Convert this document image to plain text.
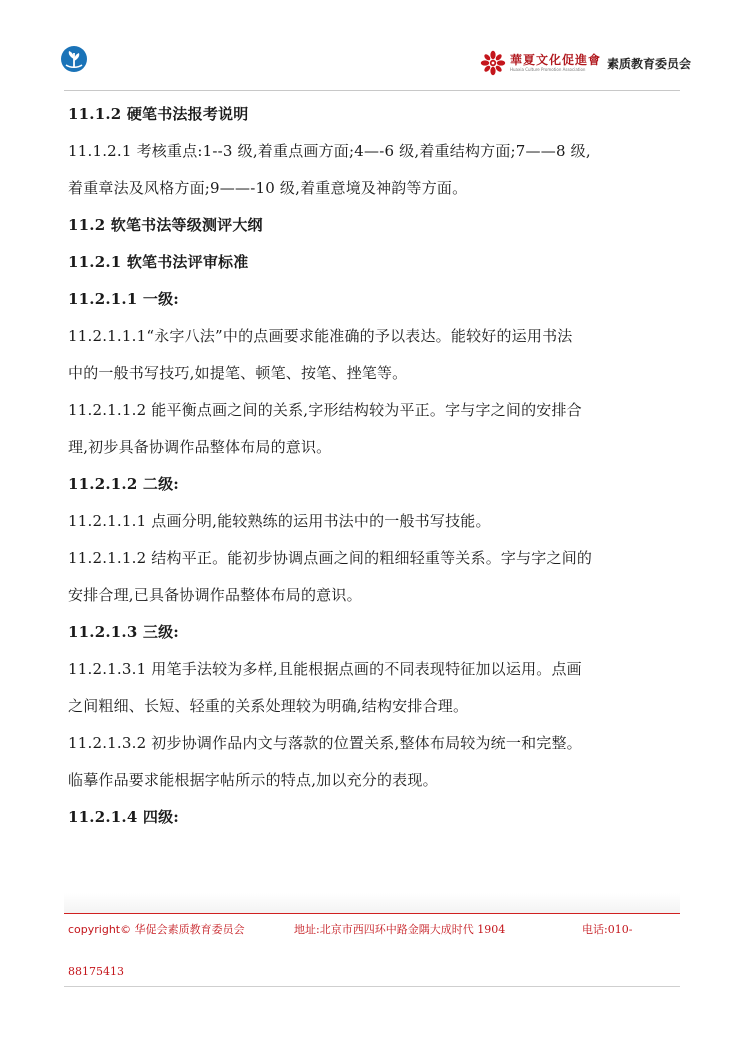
華夏文化促進會
Huaxia Culture Promotion Association	素质教育委员会

11.1.2 硬笔书法报考说明

11.1.2.1 考核重点:1--3 级,着重点画方面;4—-6 级,着重结构方面;7——8 级,

着重章法及风格方面;9——-10 级,着重意境及神韵等方面。

11.2 软笔书法等级测评大纲

11.2.1 软笔书法评审标准

11.2.1.1 一级:

11.2.1.1.1“永字八法”中的点画要求能准确的予以表达。能较好的运用书法

中的一般书写技巧,如提笔、顿笔、按笔、挫笔等。

11.2.1.1.2 能平衡点画之间的关系,字形结构较为平正。字与字之间的安排合

理,初步具备协调作品整体布局的意识。

11.2.1.2 二级:

11.2.1.1.1 点画分明,能较熟练的运用书法中的一般书写技能。

11.2.1.1.2 结构平正。能初步协调点画之间的粗细轻重等关系。字与字之间的

安排合理,已具备协调作品整体布局的意识。

11.2.1.3 三级:

11.2.1.3.1 用笔手法较为多样,且能根据点画的不同表现特征加以运用。点画

之间粗细、长短、轻重的关系处理较为明确,结构安排合理。

11.2.1.3.2 初步协调作品内文与落款的位置关系,整体布局较为统一和完整。

临摹作品要求能根据字帖所示的特点,加以充分的表现。

11.2.1.4 四级:

copyright© 华促会素质教育委员会	地址:北京市西四环中路金隅大成时代 1904	电话:010-
88175413
